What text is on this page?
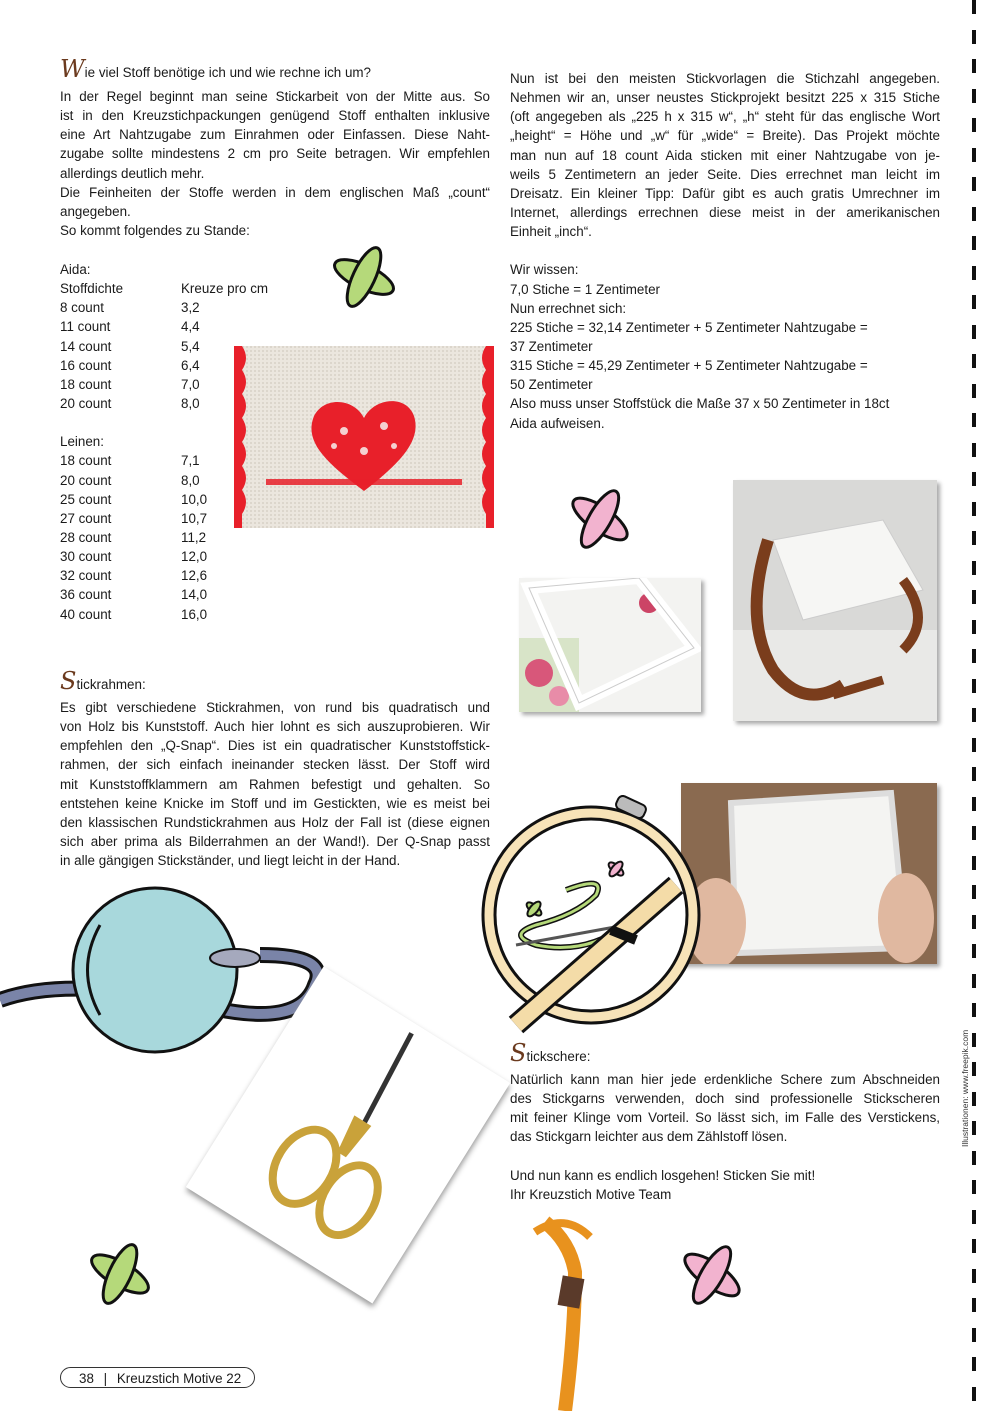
Wie viel Stoff benötige ich und wie rechne ich um?
In der Regel beginnt man seine Stickarbeit von der Mitte aus. So
ist in den Kreuzstichpackungen genügend Stoff enthalten inklusive
eine Art Nahtzugabe zum Einrahmen oder Einfassen. Diese Naht-
zugabe sollte mindestens 2 cm pro Seite betragen. Wir empfehlen
allerdings deutlich mehr.
Die Feinheiten der Stoffe werden in dem englischen Maß „count“
angegeben.
So kommt folgendes zu Stande:
Aida:
Stoffdichte	Kreuze pro cm
8 count	3,2
11 count	4,4
14 count	5,4
16 count	6,4
18 count	7,0
20 count	8,0
Leinen:
18 count	7,1
20 count	8,0
25 count	10,0
27 count	10,7
28 count	11,2
30 count	12,0
32 count	12,6
36 count	14,0
40 count	16,0
Nun ist bei den meisten Stickvorlagen die Stichzahl angegeben.
Nehmen wir an, unser neustes Stickprojekt besitzt 225 x 315 Stiche
(oft angegeben als „225 h x 315 w“, „h“ steht für das englische Wort
„height“ = Höhe und „w“ für „wide“ = Breite). Das Projekt möchte
man nun auf 18 count Aida sticken mit einer Nahtzugabe von je-
weils 5 Zentimetern an jeder Seite. Dies errechnet man leicht im
Dreisatz. Ein kleiner Tipp: Dafür gibt es auch gratis Umrechner im
Internet, allerdings errechnen diese meist in der amerikanischen
Einheit „inch“.
Wir wissen:
7,0 Stiche = 1 Zentimeter
Nun errechnet sich:
225 Stiche = 32,14 Zentimeter + 5 Zentimeter Nahtzugabe =
37 Zentimeter
315 Stiche = 45,29 Zentimeter + 5 Zentimeter Nahtzugabe =
50 Zentimeter
Also muss unser Stoffstück die Maße 37 x 50 Zentimeter in 18ct
Aida aufweisen.
Stickrahmen:
Es gibt verschiedene Stickrahmen, von rund bis quadratisch und
von Holz bis Kunststoff. Auch hier lohnt es sich auszuprobieren. Wir
empfehlen den „Q-Snap“. Dies ist ein quadratischer Kunststoffstick-
rahmen, der sich einfach ineinander stecken lässt. Der Stoff wird
mit Kunststoffklammern am Rahmen befestigt und gehalten. So
entstehen keine Knicke im Stoff und im Gestickten, wie es meist bei
den klassischen Rundstickrahmen aus Holz der Fall ist (diese eignen
sich aber prima als Bilderrahmen an der Wand!). Der Q-Snap passt
in alle gängigen Stickständer, und liegt leicht in der Hand.
Stickschere:
Natürlich kann man hier jede erdenkliche Schere zum Abschneiden
des Stickgarns verwenden, doch sind professionelle Stickscheren
mit feiner Klinge vom Vorteil. So lässt sich, im Falle des Verstickens,
das Stickgarn leichter aus dem Zählstoff lösen.
Und nun kann es endlich losgehen! Sticken Sie mit!
Ihr Kreuzstich Motive Team
Illustrationen: www.freepik.com
38 | Kreuzstich Motive 22
